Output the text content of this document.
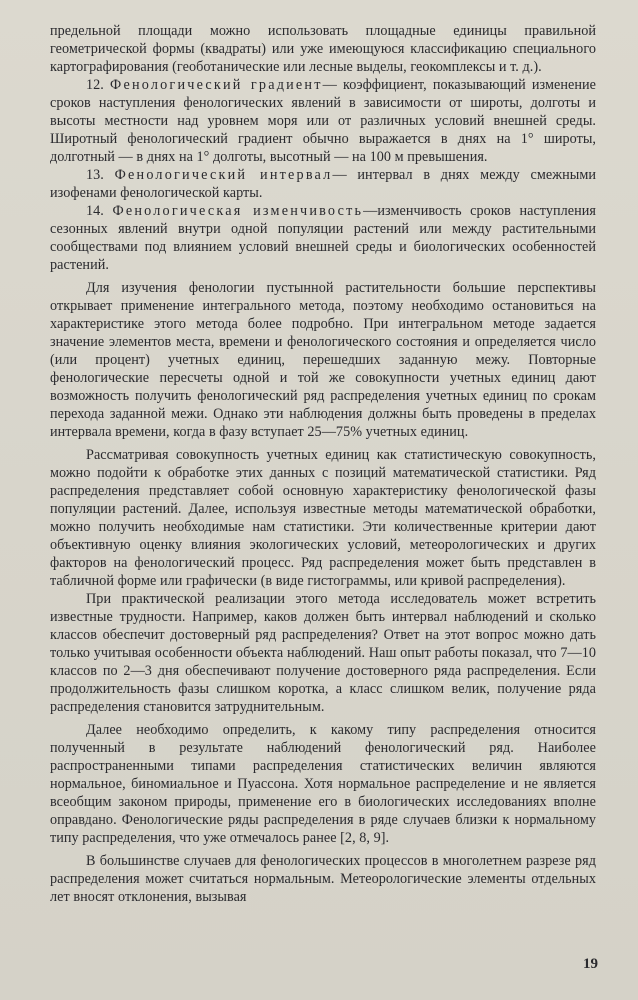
предельной площади можно использовать площадные единицы правильной геометрической формы (квадраты) или уже имеющуюся классификацию специального картографирования (геоботанические или лесные выделы, геокомплексы и т. д.).

12. Фенологический градиент— коэффициент, показывающий изменение сроков наступления фенологических явлений в зависимости от широты, долготы и высоты местности над уровнем моря или от различных условий внешней среды. Широтный фенологический градиент обычно выражается в днях на 1° широты, долготный — в днях на 1° долготы, высотный — на 100 м превышения.

13. Фенологический интервал— интервал в днях между смежными изофенами фенологической карты.

14. Фенологическая изменчивость—изменчивость сроков наступления сезонных явлений внутри одной популяции растений или между растительными сообществами под влиянием условий внешней среды и биологических особенностей растений.

Для изучения фенологии пустынной растительности большие перспективы открывает применение интегрального метода, поэтому необходимо остановиться на характеристике этого метода более подробно. При интегральном методе задается значение элементов места, времени и фенологического состояния и определяется число (или процент) учетных единиц, перешедших заданную межу. Повторные фенологические пересчеты одной и той же совокупности учетных единиц дают возможность получить фенологический ряд распределения учетных единиц по срокам перехода заданной межи. Однако эти наблюдения должны быть проведены в пределах интервала времени, когда в фазу вступает 25—75% учетных единиц.

Рассматривая совокупность учетных единиц как статистическую совокупность, можно подойти к обработке этих данных с позиций математической статистики. Ряд распределения представляет собой основную характеристику фенологической фазы популяции растений. Далее, используя известные методы математической обработки, можно получить необходимые нам статистики. Эти количественные критерии дают объективную оценку влияния экологических условий, метеорологических и других факторов на фенологический процесс. Ряд распределения может быть представлен в табличной форме или графически (в виде гистограммы, или кривой распределения).

При практической реализации этого метода исследователь может встретить известные трудности. Например, каков должен быть интервал наблюдений и сколько классов обеспечит достоверный ряд распределения? Ответ на этот вопрос можно дать только учитывая особенности объекта наблюдений. Наш опыт работы показал, что 7—10 классов по 2—3 дня обеспечивают получение достоверного ряда распределения. Если продолжительность фазы слишком коротка, а класс слишком велик, получение ряда распределения становится затруднительным.

Далее необходимо определить, к какому типу распределения относится полученный в результате наблюдений фенологический ряд. Наиболее распространенными типами распределения статистических величин являются нормальное, биномиальное и Пуассона. Хотя нормальное распределение и не является всеобщим законом природы, применение его в биологических исследованиях вполне оправдано. Фенологические ряды распределения в ряде случаев близки к нормальному типу распределения, что уже отмечалось ранее [2, 8, 9].

В большинстве случаев для фенологических процессов в многолетнем разрезе ряд распределения может считаться нормальным. Метеорологические элементы отдельных лет вносят отклонения, вызывая

19
